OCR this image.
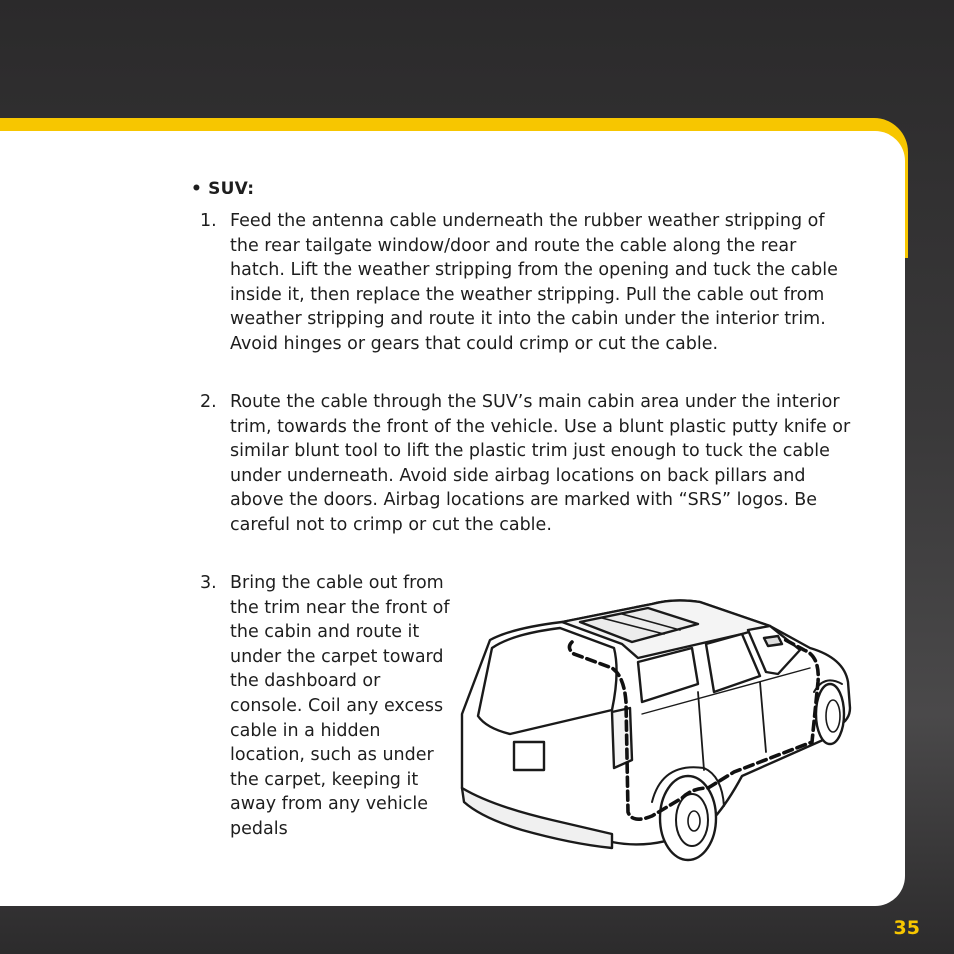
• SUV:
1. Feed the antenna cable underneath the rubber weather stripping of the rear tailgate window/door and route the cable along the rear hatch. Lift the weather stripping from the opening and tuck the cable inside it, then replace the weather stripping. Pull the cable out from weather stripping and route it into the cabin under the interior trim. Avoid hinges or gears that could crimp or cut the cable.
2. Route the cable through the SUV’s main cabin area under the interior trim, towards the front of the vehicle. Use a blunt plastic putty knife or similar blunt tool to lift the plastic trim just enough to tuck the cable under underneath. Avoid side airbag locations on back pillars and above the doors. Airbag locations are marked with “SRS” logos. Be careful not to crimp or cut the cable.
3. Bring the cable out from the trim near the front of the cabin and route it under the carpet toward the dashboard or console. Coil any excess cable in a hidden location, such as under the carpet, keeping it away from any vehicle pedals
35
